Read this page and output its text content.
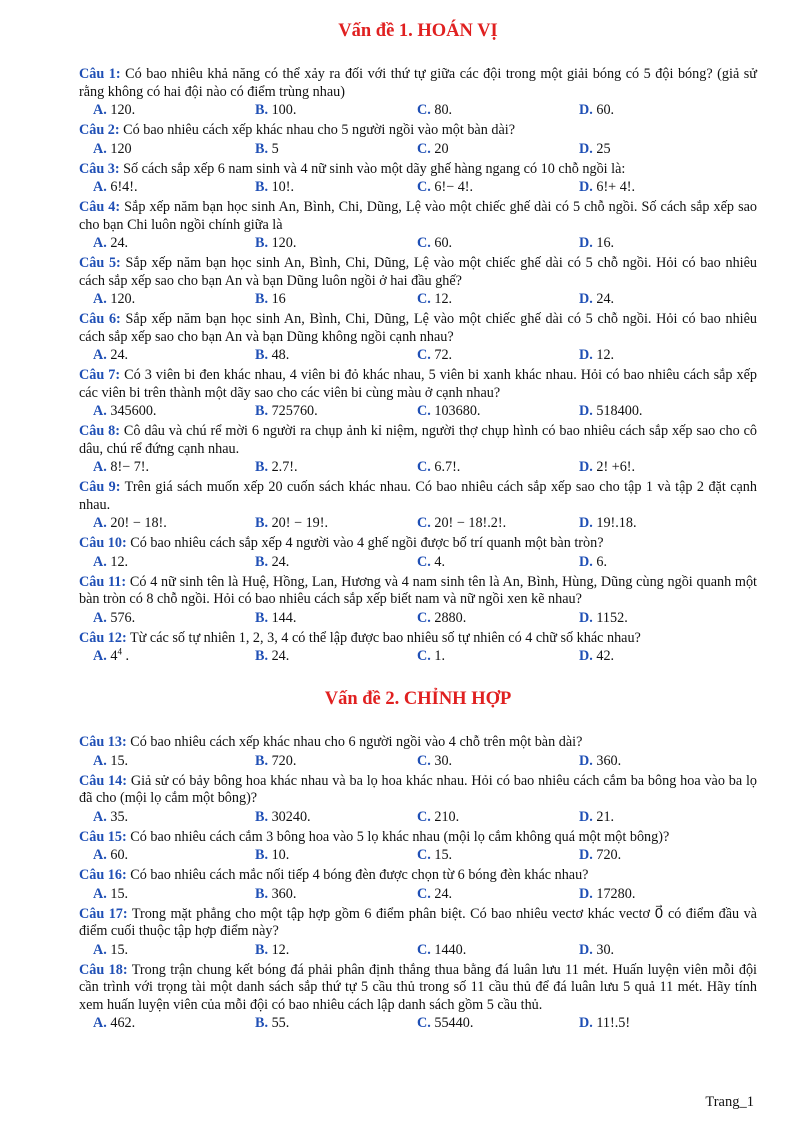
Vấn đề 1. HOÁN VỊ
Câu 1: Có bao nhiêu khả năng có thể xảy ra đối với thứ tự giữa các đội trong một giải bóng có 5 đội bóng? (giả sử rằng không có hai đội nào có điểm trùng nhau)
A. 120.	B. 100.	C. 80.	D. 60.
Câu 2: Có bao nhiêu cách xếp khác nhau cho 5 người ngồi vào một bàn dài?
A. 120	B. 5	C. 20	D. 25
Câu 3: Số cách sắp xếp 6 nam sinh và 4 nữ sinh vào một dãy ghế hàng ngang có 10 chỗ ngồi là:
A. 6!4!.	B. 10!.	C. 6!− 4!.	D. 6!+ 4!.
Câu 4: Sắp xếp năm bạn học sinh An, Bình, Chi, Dũng, Lệ vào một chiếc ghế dài có 5 chỗ ngồi. Số cách sắp xếp sao cho bạn Chi luôn ngồi chính giữa là
A. 24.	B. 120.	C. 60.	D. 16.
Câu 5: Sắp xếp năm bạn học sinh An, Bình, Chi, Dũng, Lệ vào một chiếc ghế dài có 5 chỗ ngồi. Hỏi có bao nhiêu cách sắp xếp sao cho bạn An và bạn Dũng luôn ngồi ở hai đầu ghế?
A. 120.	B. 16	C. 12.	D. 24.
Câu 6: Sắp xếp năm bạn học sinh An, Bình, Chi, Dũng, Lệ vào một chiếc ghế dài có 5 chỗ ngồi. Hỏi có bao nhiêu cách sắp xếp sao cho bạn An và bạn Dũng không ngồi cạnh nhau?
A. 24.	B. 48.	C. 72.	D. 12.
Câu 7: Có 3 viên bi đen khác nhau, 4 viên bi đỏ khác nhau, 5 viên bi xanh khác nhau. Hỏi có bao nhiêu cách sắp xếp các viên bi trên thành một dãy sao cho các viên bi cùng màu ở cạnh nhau?
A. 345600.	B. 725760.	C. 103680.	D. 518400.
Câu 8: Cô dâu và chú rể mời 6 người ra chụp ảnh kỉ niệm, người thợ chụp hình có bao nhiêu cách sắp xếp sao cho cô dâu, chú rể đứng cạnh nhau.
A. 8!− 7!.	B. 2.7!.	C. 6.7!.	D. 2! +6!.
Câu 9: Trên giá sách muốn xếp 20 cuốn sách khác nhau. Có bao nhiêu cách sắp xếp sao cho tập 1 và tập 2 đặt cạnh nhau.
A. 20! − 18!.	B. 20! − 19!.	C. 20! − 18!.2!.	D. 19!.18.
Câu 10: Có bao nhiêu cách sắp xếp 4 người vào 4 ghế ngồi được bố trí quanh một bàn tròn?
A. 12.	B. 24.	C. 4.	D. 6.
Câu 11: Có 4 nữ sinh tên là Huệ, Hồng, Lan, Hương và 4 nam sinh tên là An, Bình, Hùng, Dũng cùng ngồi quanh một bàn tròn có 8 chỗ ngồi. Hỏi có bao nhiêu cách sắp xếp biết nam và nữ ngồi xen kẽ nhau?
A. 576.	B. 144.	C. 2880.	D. 1152.
Câu 12: Từ các số tự nhiên 1, 2, 3, 4 có thể lập được bao nhiêu số tự nhiên có 4 chữ số khác nhau?
A. $4^4$ .	B. 24.	C. 1.	D. 42.
Vấn đề 2. CHỈNH HỢP
Câu 13: Có bao nhiêu cách xếp khác nhau cho 6 người ngồi vào 4 chỗ trên một bàn dài?
A. 15.	B. 720.	C. 30.	D. 360.
Câu 14: Giả sử có bảy bông hoa khác nhau và ba lọ hoa khác nhau. Hỏi có bao nhiêu cách cắm ba bông hoa vào ba lọ đã cho (mội lọ cắm một bông)?
A. 35.	B. 30240.	C. 210.	D. 21.
Câu 15: Có bao nhiêu cách cắm 3 bông hoa vào 5 lọ khác nhau (mội lọ cắm không quá một một bông)?
A. 60.	B. 10.	C. 15.	D. 720.
Câu 16: Có bao nhiêu cách mắc nối tiếp 4 bóng đèn được chọn từ 6 bóng đèn khác nhau?
A. 15.	B. 360.	C. 24.	D. 17280.
Câu 17: Trong mặt phẳng cho một tập hợp gồm 6 điểm phân biệt. Có bao nhiêu vectơ khác vectơ 0⃗ có điểm đầu và điểm cuối thuộc tập hợp điểm này?
A. 15.	B. 12.	C. 1440.	D. 30.
Câu 18: Trong trận chung kết bóng đá phải phân định thắng thua bằng đá luân lưu 11 mét. Huấn luyện viên mỗi đội cần trình với trọng tài một danh sách sắp thứ tự 5 cầu thủ trong số 11 cầu thủ để đá luân lưu 5 quả 11 mét. Hãy tính xem huấn luyện viên của mỗi đội có bao nhiêu cách lập danh sách gồm 5 cầu thủ.
A. 462.	B. 55.	C. 55440.	D. 11!.5!
Trang_1
